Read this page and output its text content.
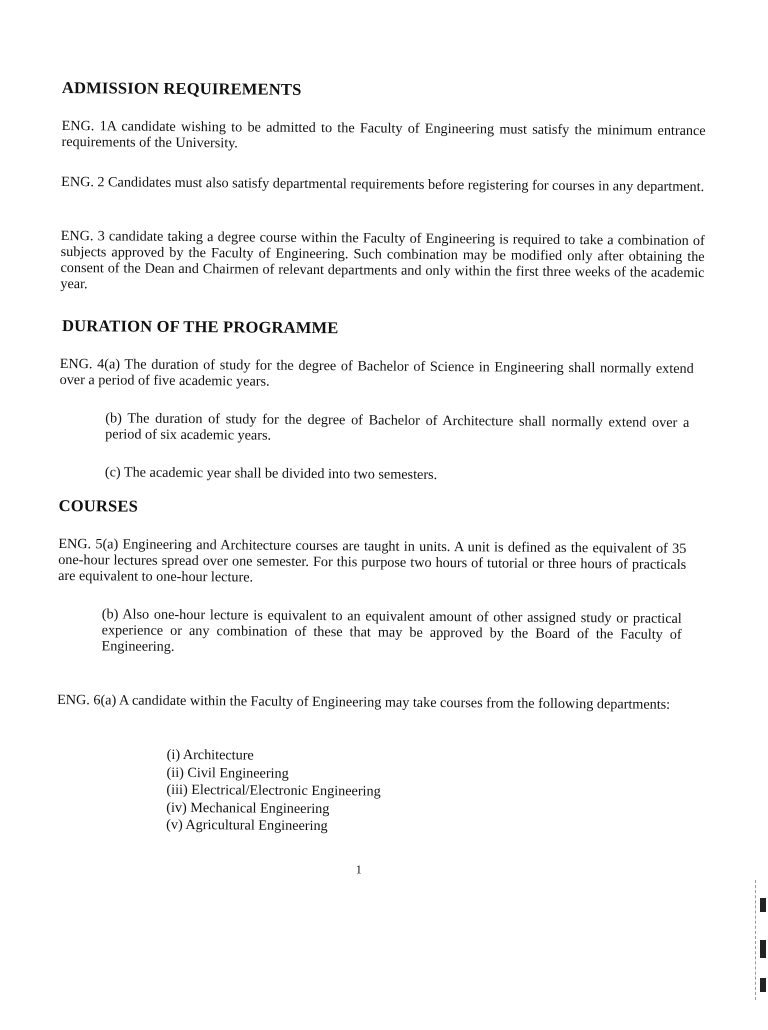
ADMISSION REQUIREMENTS

ENG. 1A candidate wishing to be admitted to the Faculty of Engineering must satisfy the minimum entrance requirements of the University.

ENG. 2 Candidates must also satisfy departmental requirements before registering for courses in any department.

ENG. 3 candidate taking a degree course within the Faculty of Engineering is required to take a combination of subjects approved by the Faculty of Engineering. Such combination may be modified only after obtaining the consent of the Dean and Chairmen of relevant departments and only within the first three weeks of the academic year.

DURATION OF THE PROGRAMME

ENG. 4(a) The duration of study for the degree of Bachelor of Science in Engineering shall normally extend over a period of five academic years.

(b) The duration of study for the degree of Bachelor of Architecture shall normally extend over a period of six academic years.

(c) The academic year shall be divided into two semesters.

COURSES

ENG. 5(a) Engineering and Architecture courses are taught in units. A unit is defined as the equivalent of 35 one-hour lectures spread over one semester. For this purpose two hours of tutorial or three hours of practicals are equivalent to one-hour lecture.

(b) Also one-hour lecture is equivalent to an equivalent amount of other assigned study or practical experience or any combination of these that may be approved by the Board of the Faculty of Engineering.

ENG. 6(a) A candidate within the Faculty of Engineering may take courses from the following departments:

(i) Architecture
(ii) Civil Engineering
(iii) Electrical/Electronic Engineering
(iv) Mechanical Engineering
(v) Agricultural Engineering
1
